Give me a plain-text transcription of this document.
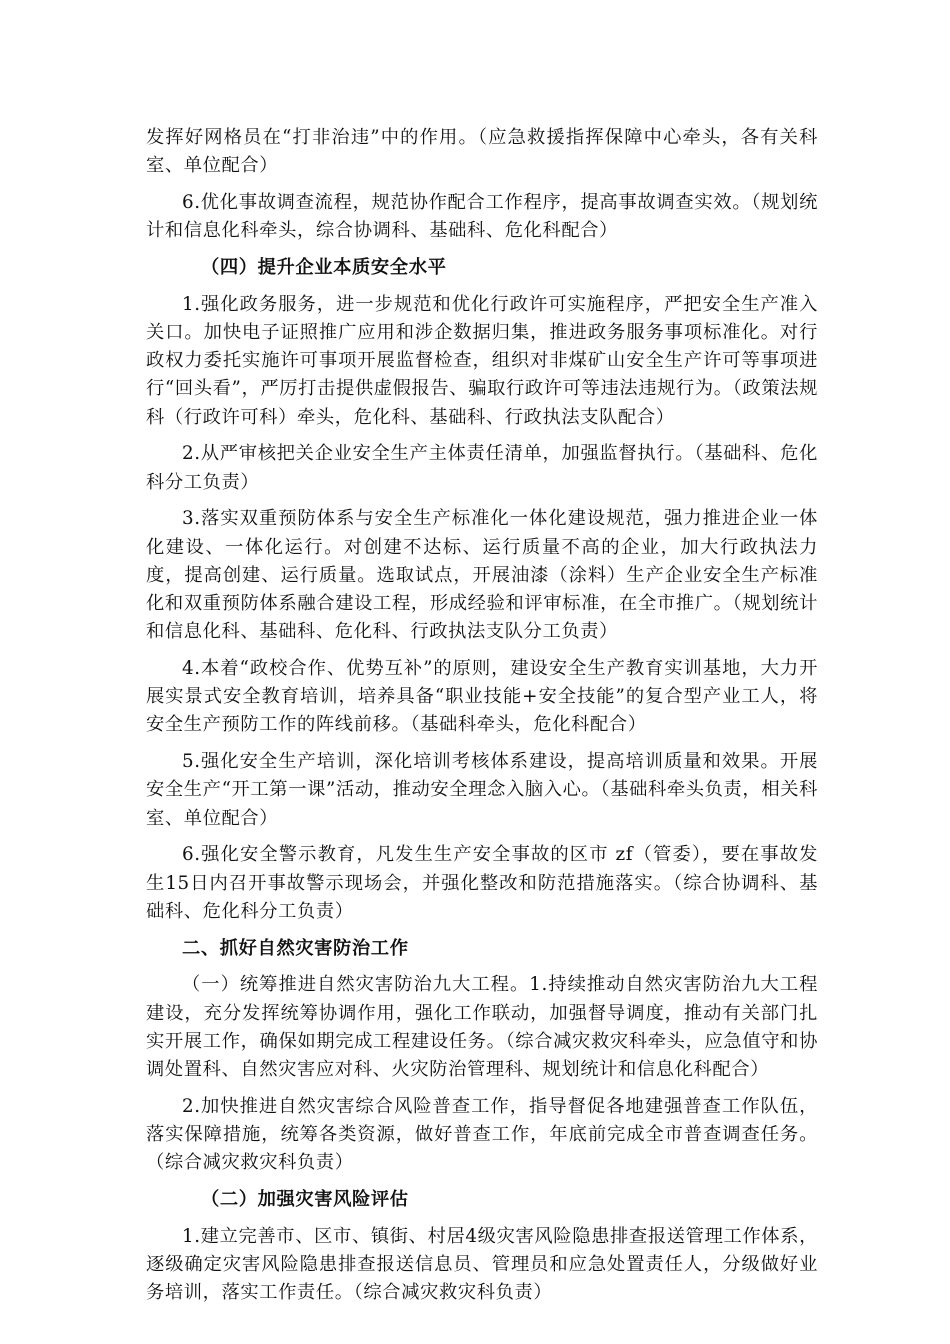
发挥好网格员在“打非治违”中的作用。（应急救援指挥保障中心牵头，各有关科室、单位配合）

6.优化事故调查流程，规范协作配合工作程序，提高事故调查实效。（规划统计和信息化科牵头，综合协调科、基础科、危化科配合）

（四）提升企业本质安全水平

1.强化政务服务，进一步规范和优化行政许可实施程序，严把安全生产准入关口。加快电子证照推广应用和涉企数据归集，推进政务服务事项标准化。对行政权力委托实施许可事项开展监督检查，组织对非煤矿山安全生产许可等事项进行“回头看”，严厉打击提供虚假报告、骗取行政许可等违法违规行为。（政策法规科（行政许可科）牵头，危化科、基础科、行政执法支队配合）

2.从严审核把关企业安全生产主体责任清单，加强监督执行。（基础科、危化科分工负责）

3.落实双重预防体系与安全生产标准化一体化建设规范，强力推进企业一体化建设、一体化运行。对创建不达标、运行质量不高的企业，加大行政执法力度，提高创建、运行质量。选取试点，开展油漆（涂料）生产企业安全生产标准化和双重预防体系融合建设工程，形成经验和评审标准，在全市推广。（规划统计和信息化科、基础科、危化科、行政执法支队分工负责）

4.本着“政校合作、优势互补”的原则，建设安全生产教育实训基地，大力开展实景式安全教育培训，培养具备“职业技能+安全技能”的复合型产业工人，将安全生产预防工作的阵线前移。（基础科牵头，危化科配合）

5.强化安全生产培训，深化培训考核体系建设，提高培训质量和效果。开展安全生产“开工第一课”活动，推动安全理念入脑入心。（基础科牵头负责，相关科室、单位配合）

6.强化安全警示教育，凡发生生产安全事故的区市 zf（管委），要在事故发生15日内召开事故警示现场会，并强化整改和防范措施落实。（综合协调科、基础科、危化科分工负责）

二、抓好自然灾害防治工作

（一）统筹推进自然灾害防治九大工程。1.持续推动自然灾害防治九大工程建设，充分发挥统筹协调作用，强化工作联动，加强督导调度，推动有关部门扎实开展工作，确保如期完成工程建设任务。（综合减灾救灾科牵头，应急值守和协调处置科、自然灾害应对科、火灾防治管理科、规划统计和信息化科配合）

2.加快推进自然灾害综合风险普查工作，指导督促各地建强普查工作队伍，落实保障措施，统筹各类资源，做好普查工作，年底前完成全市普查调查任务。（综合减灾救灾科负责）

（二）加强灾害风险评估

1.建立完善市、区市、镇街、村居4级灾害风险隐患排查报送管理工作体系，逐级确定灾害风险隐患排查报送信息员、管理员和应急处置责任人，分级做好业务培训，落实工作责任。（综合减灾救灾科负责）
